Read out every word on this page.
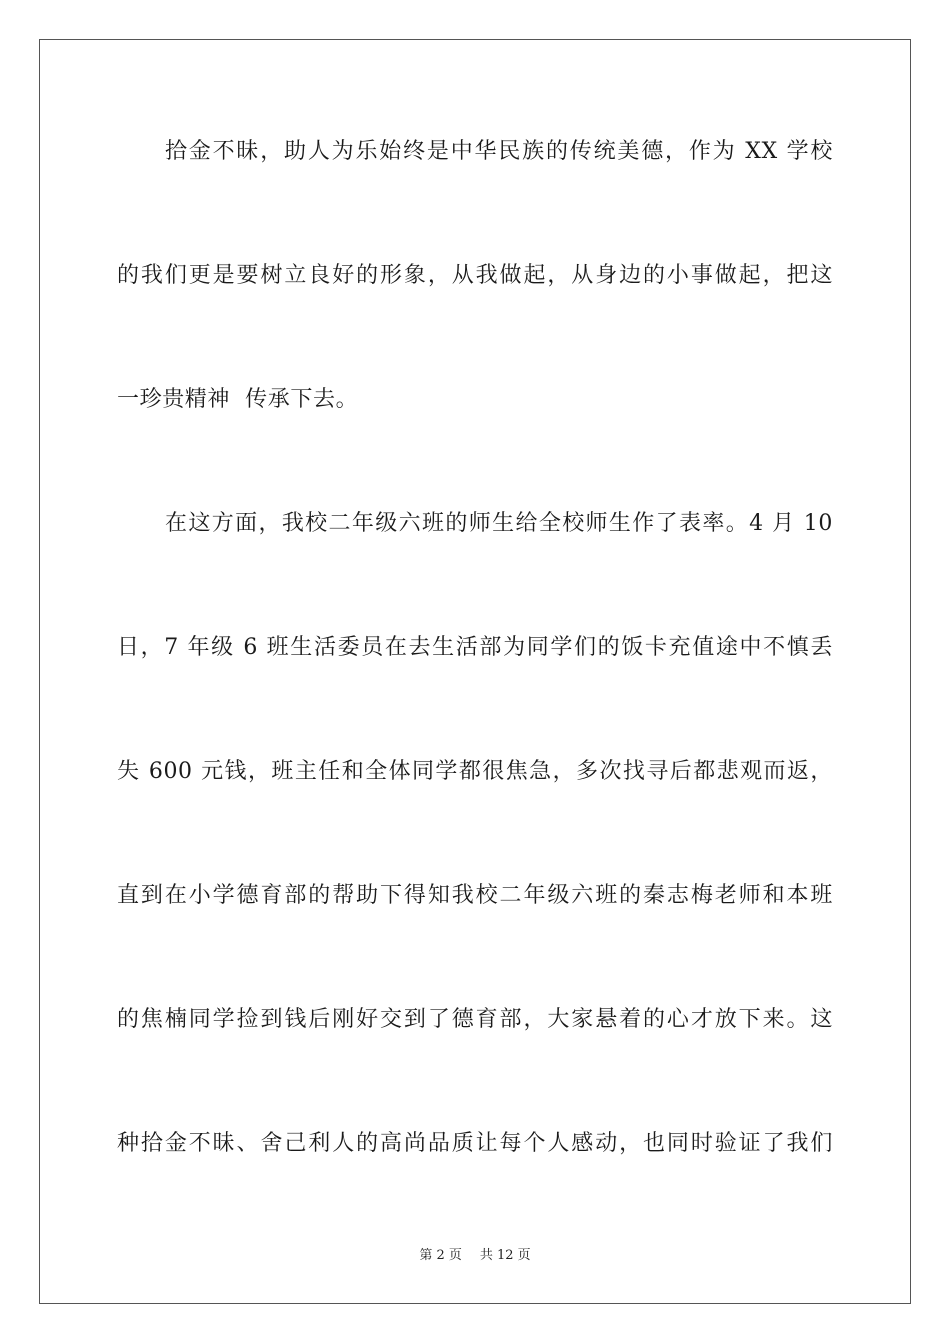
拾金不昧，助人为乐始终是中华民族的传统美德，作为 XX 学校
的我们更是要树立良好的形象，从我做起，从身边的小事做起，把这
一珍贵精神  传承下去。
在这方面，我校二年级六班的师生给全校师生作了表率。4 月 10
日，7 年级 6 班生活委员在去生活部为同学们的饭卡充值途中不慎丢
失 600 元钱，班主任和全体同学都很焦急，多次找寻后都悲观而返，
直到在小学德育部的帮助下得知我校二年级六班的秦志梅老师和本班
的焦楠同学捡到钱后刚好交到了德育部，大家悬着的心才放下来。这
种拾金不昧、舍己利人的高尚品质让每个人感动，也同时验证了我们
第 2 页 共 12 页
